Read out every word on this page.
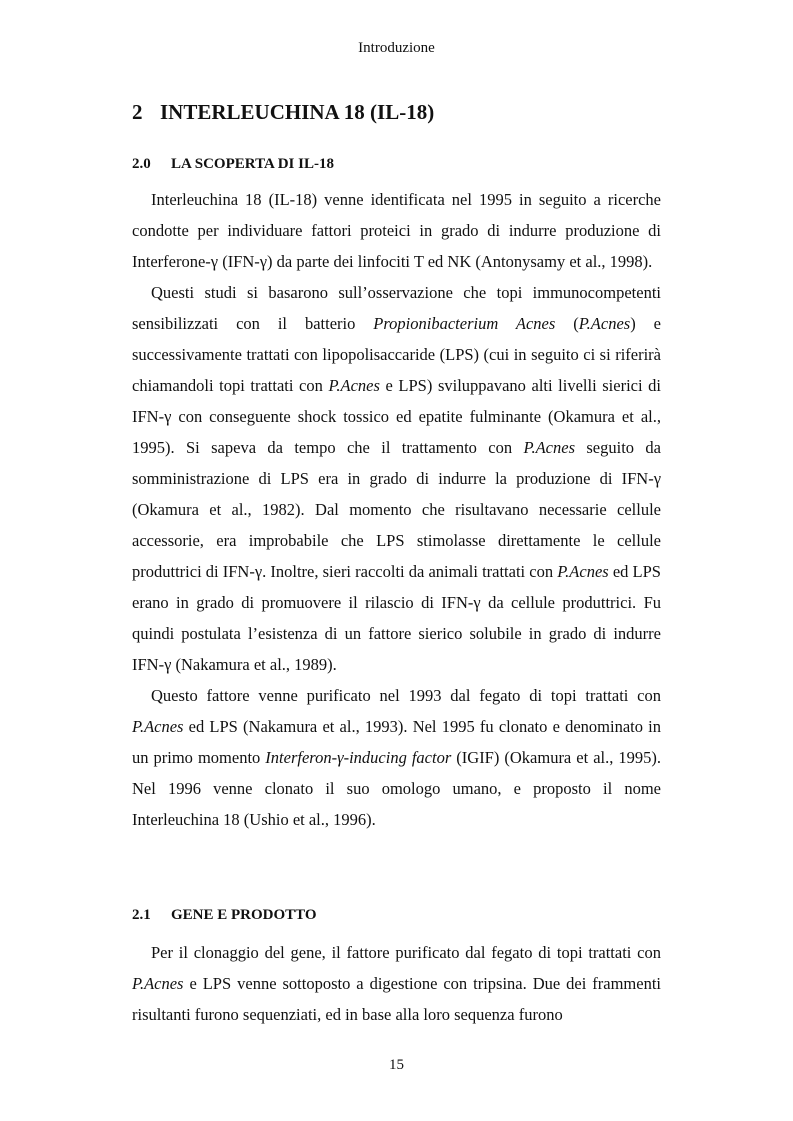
Introduzione
2 INTERLEUCHINA 18 (IL-18)
2.0 LA SCOPERTA DI IL-18

Interleuchina 18 (IL-18) venne identificata nel 1995 in seguito a ricerche condotte per individuare fattori proteici in grado di indurre produzione di Interferone-γ (IFN-γ) da parte dei linfociti T ed NK (Antonysamy et al., 1998).

Questi studi si basarono sull’osservazione che topi immunocompetenti sensibilizzati con il batterio Propionibacterium Acnes (P.Acnes) e successivamente trattati con lipopolisaccaride (LPS) (cui in seguito ci si riferirà chiamandoli topi trattati con P.Acnes e LPS) sviluppavano alti livelli sierici di IFN-γ con conseguente shock tossico ed epatite fulminante (Okamura et al., 1995). Si sapeva da tempo che il trattamento con P.Acnes seguito da somministrazione di LPS era in grado di indurre la produzione di IFN-γ (Okamura et al., 1982). Dal momento che risultavano necessarie cellule accessorie, era improbabile che LPS stimolasse direttamente le cellule produttrici di IFN-γ. Inoltre, sieri raccolti da animali trattati con P.Acnes ed LPS erano in grado di promuovere il rilascio di IFN-γ da cellule produttrici. Fu quindi postulata l’esistenza di un fattore sierico solubile in grado di indurre IFN-γ (Nakamura et al., 1989).

Questo fattore venne purificato nel 1993 dal fegato di topi trattati con P.Acnes ed LPS (Nakamura et al., 1993). Nel 1995 fu clonato e denominato in un primo momento Interferon-γ-inducing factor (IGIF) (Okamura et al., 1995). Nel 1996 venne clonato il suo omologo umano, e proposto il nome Interleuchina 18 (Ushio et al., 1996).

2.1 GENE E PRODOTTO

Per il clonaggio del gene, il fattore purificato dal fegato di topi trattati con P.Acnes e LPS venne sottoposto a digestione con tripsina. Due dei frammenti risultanti furono sequenziati, ed in base alla loro sequenza furono

15
